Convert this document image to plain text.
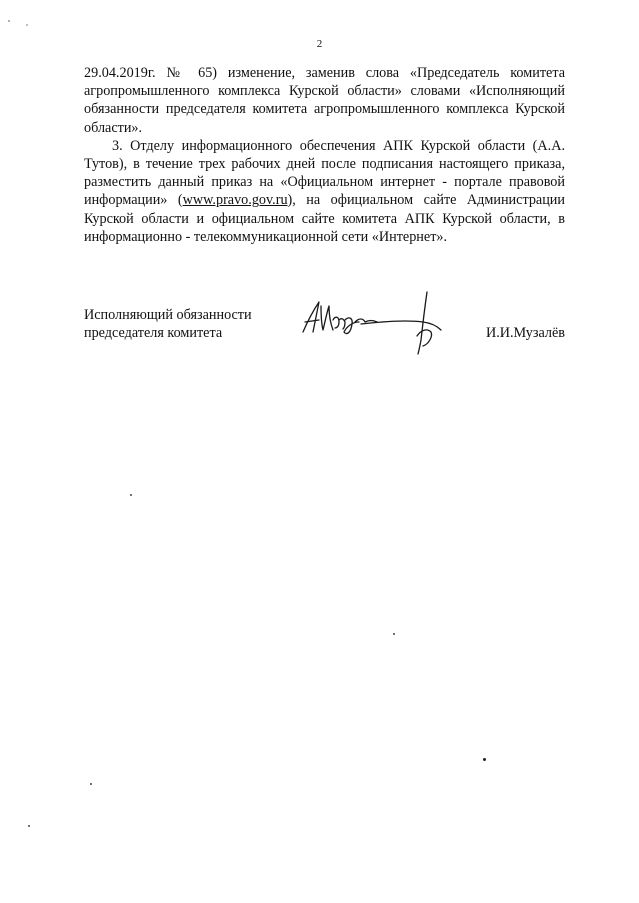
2

29.04.2019г. № 65) изменение, заменив слова «Председатель комитета агропромышленного комплекса Курской области» словами «Исполняющий обязанности председателя комитета агропромышленного комплекса Курской области».

3. Отделу информационного обеспечения АПК Курской области (А.А. Тутов), в течение трех рабочих дней после подписания настоящего приказа, разместить данный приказ на «Официальном интернет - портале правовой информации» (www.pravo.gov.ru), на официальном сайте Администрации Курской области и официальном сайте комитета АПК Курской области, в информационно - телекоммуникационной сети «Интернет».

Исполняющий обязанности
председателя комитета	И.И.Музалёв
